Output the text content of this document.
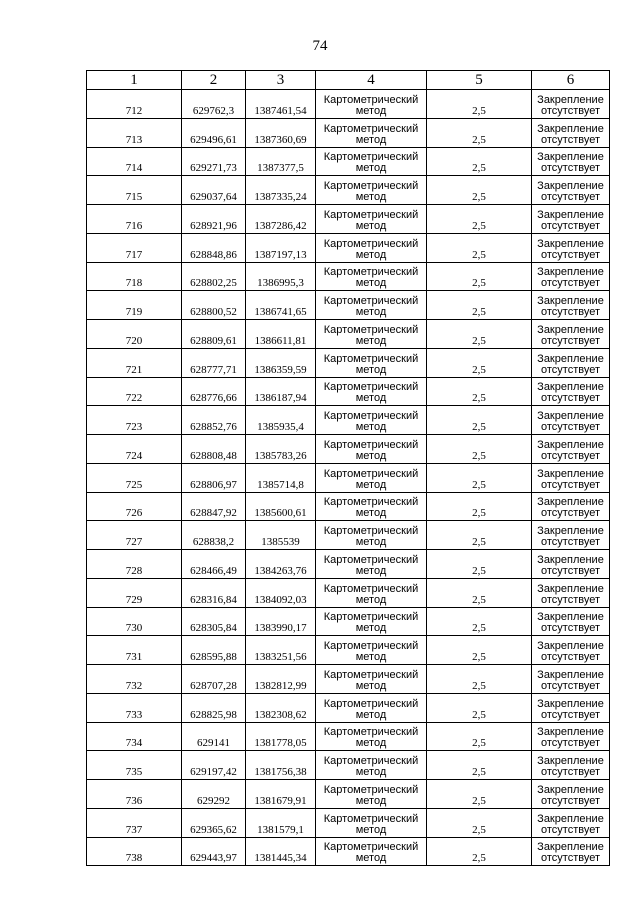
74
1	2	3	4	5	6
712	629762,3	1387461,54	Картометрический
метод	2,5	Закрепление
отсутствует

713	629496,61	1387360,69	Картометрический
метод	2,5	Закрепление
отсутствует

714	629271,73	1387377,5	Картометрический
метод	2,5	Закрепление
отсутствует

715	629037,64	1387335,24	Картометрический
метод	2,5	Закрепление
отсутствует

716	628921,96	1387286,42	Картометрический
метод	2,5	Закрепление
отсутствует

717	628848,86	1387197,13	Картометрический
метод	2,5	Закрепление
отсутствует

718	628802,25	1386995,3	Картометрический
метод	2,5	Закрепление
отсутствует

719	628800,52	1386741,65	Картометрический
метод	2,5	Закрепление
отсутствует

720	628809,61	1386611,81	Картометрический
метод	2,5	Закрепление
отсутствует

721	628777,71	1386359,59	Картометрический
метод	2,5	Закрепление
отсутствует

722	628776,66	1386187,94	Картометрический
метод	2,5	Закрепление
отсутствует

723	628852,76	1385935,4	Картометрический
метод	2,5	Закрепление
отсутствует

724	628808,48	1385783,26	Картометрический
метод	2,5	Закрепление
отсутствует

725	628806,97	1385714,8	Картометрический
метод	2,5	Закрепление
отсутствует

726	628847,92	1385600,61	Картометрический
метод	2,5	Закрепление
отсутствует

727	628838,2	1385539	Картометрический
метод	2,5	Закрепление
отсутствует

728	628466,49	1384263,76	Картометрический
метод	2,5	Закрепление
отсутствует

729	628316,84	1384092,03	Картометрический
метод	2,5	Закрепление
отсутствует

730	628305,84	1383990,17	Картометрический
метод	2,5	Закрепление
отсутствует

731	628595,88	1383251,56	Картометрический
метод	2,5	Закрепление
отсутствует

732	628707,28	1382812,99	Картометрический
метод	2,5	Закрепление
отсутствует

733	628825,98	1382308,62	Картометрический
метод	2,5	Закрепление
отсутствует

734	629141	1381778,05	Картометрический
метод	2,5	Закрепление
отсутствует

735	629197,42	1381756,38	Картометрический
метод	2,5	Закрепление
отсутствует

736	629292	1381679,91	Картометрический
метод	2,5	Закрепление
отсутствует

737	629365,62	1381579,1	Картометрический
метод	2,5	Закрепление
отсутствует

738	629443,97	1381445,34	Картометрический
метод	2,5	Закрепление
отсутствует
